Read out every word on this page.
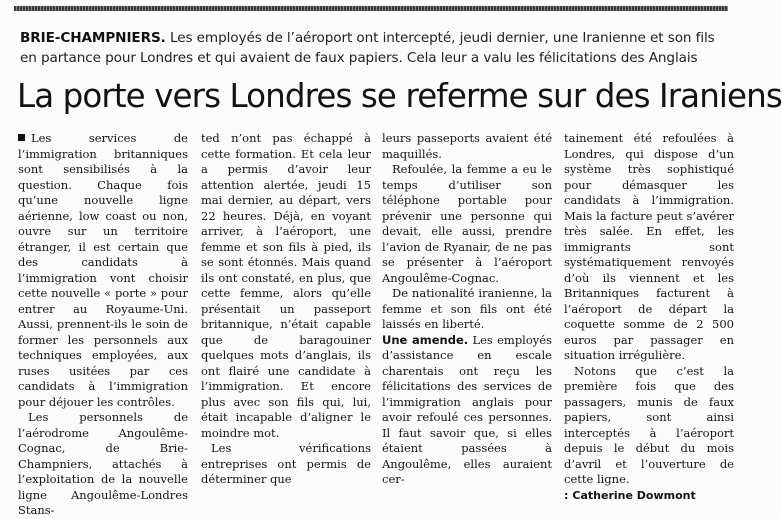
BRIE-CHAMPNIERS. Les employés de l’aéroport ont intercepté, jeudi dernier, une Iranienne et son fils en partance pour Londres et qui avaient de faux papiers. Cela leur a valu les félicitations des Anglais
La porte vers Londres se referme sur des Iraniens

Les services de l’immigration britanniques sont sensibilisés à la question. Chaque fois qu’une nouvelle ligne aérienne, low coast ou non, ouvre sur un territoire étranger, il est certain que des candidats à l’immigration vont choisir cette nouvelle « porte » pour entrer au Royaume-Uni. Aussi, prennent-ils le soin de former les personnels aux techniques employées, aux ruses usitées par ces candidats à l’immigration pour déjouer les contrôles.

Les personnels de l’aérodrome Angoulême-Cognac, de Brie-Champniers, attachés à l’exploitation de la nouvelle ligne Angoulême-Londres Stans-

ted n’ont pas échappé à cette formation. Et cela leur a permis d’avoir leur attention alertée, jeudi 15 mai dernier, au départ, vers 22 heures. Déjà, en voyant arriver, à l’aéroport, une femme et son fils à pied, ils se sont étonnés. Mais quand ils ont constaté, en plus, que cette femme, alors qu’elle présentait un passeport britannique, n’était capable que de baragouiner quelques mots d’anglais, ils ont flairé une candidate à l’immigration. Et encore plus avec son fils qui, lui, était incapable d’aligner le moindre mot.

Les vérifications entreprises ont permis de déterminer que

leurs passeports avaient été maquillés.

Refoulée, la femme a eu le temps d’utiliser son téléphone portable pour prévenir une personne qui devait, elle aussi, prendre l’avion de Ryanair, de ne pas se présenter à l’aéroport Angoulême-Cognac.

De nationalité iranienne, la femme et son fils ont été laissés en liberté.

Une amende. Les employés d’assistance en escale charentais ont reçu les félicitations des services de l’immigration anglais pour avoir refoulé ces personnes. Il faut savoir que, si elles étaient passées à Angoulême, elles auraient cer-

tainement été refoulées à Londres, qui dispose d’un système très sophistiqué pour démasquer les candidats à l’immigration. Mais la facture peut s’avérer très salée. En effet, les immigrants sont systématiquement renvoyés d’où ils viennent et les Britanniques facturent à l’aéroport de départ la coquette somme de 2 500 euros par passager en situation irrégulière.

Notons que c’est la première fois que des passagers, munis de faux papiers, sont ainsi interceptés à l’aéroport depuis le début du mois d’avril et l’ouverture de cette ligne.

: Catherine Dowmont
